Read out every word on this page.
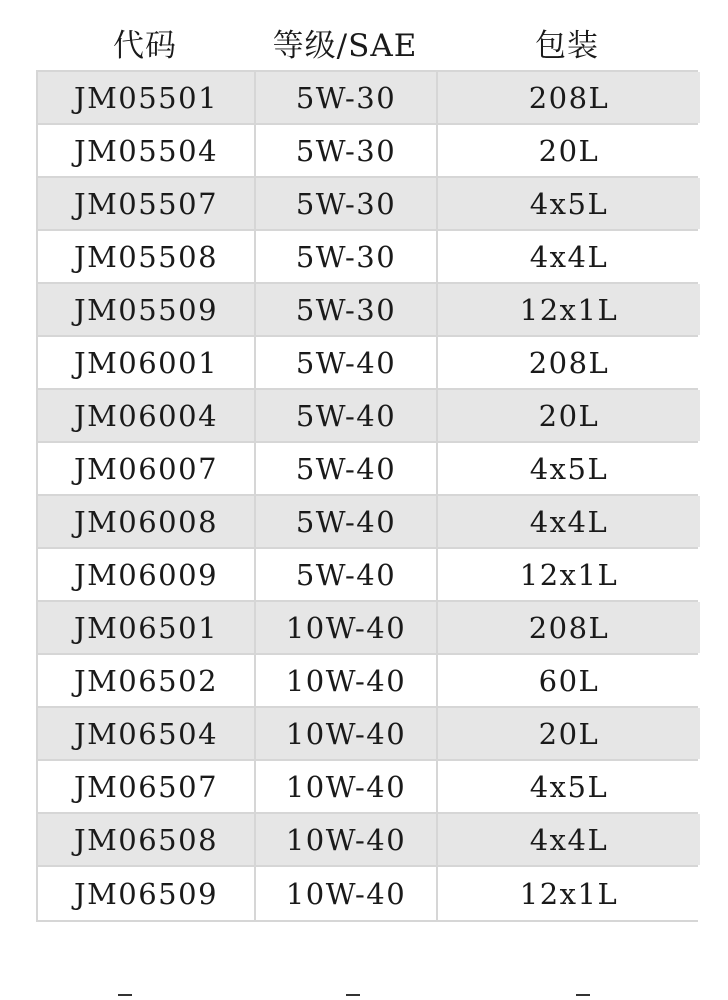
代码	等级/SAE	包装
JM05501	5W-30	208L
JM05504	5W-30	20L
JM05507	5W-30	4x5L
JM05508	5W-30	4x4L
JM05509	5W-30	12x1L
JM06001	5W-40	208L
JM06004	5W-40	20L
JM06007	5W-40	4x5L
JM06008	5W-40	4x4L
JM06009	5W-40	12x1L
JM06501	10W-40	208L
JM06502	10W-40	60L
JM06504	10W-40	20L
JM06507	10W-40	4x5L
JM06508	10W-40	4x4L
JM06509	10W-40	12x1L
